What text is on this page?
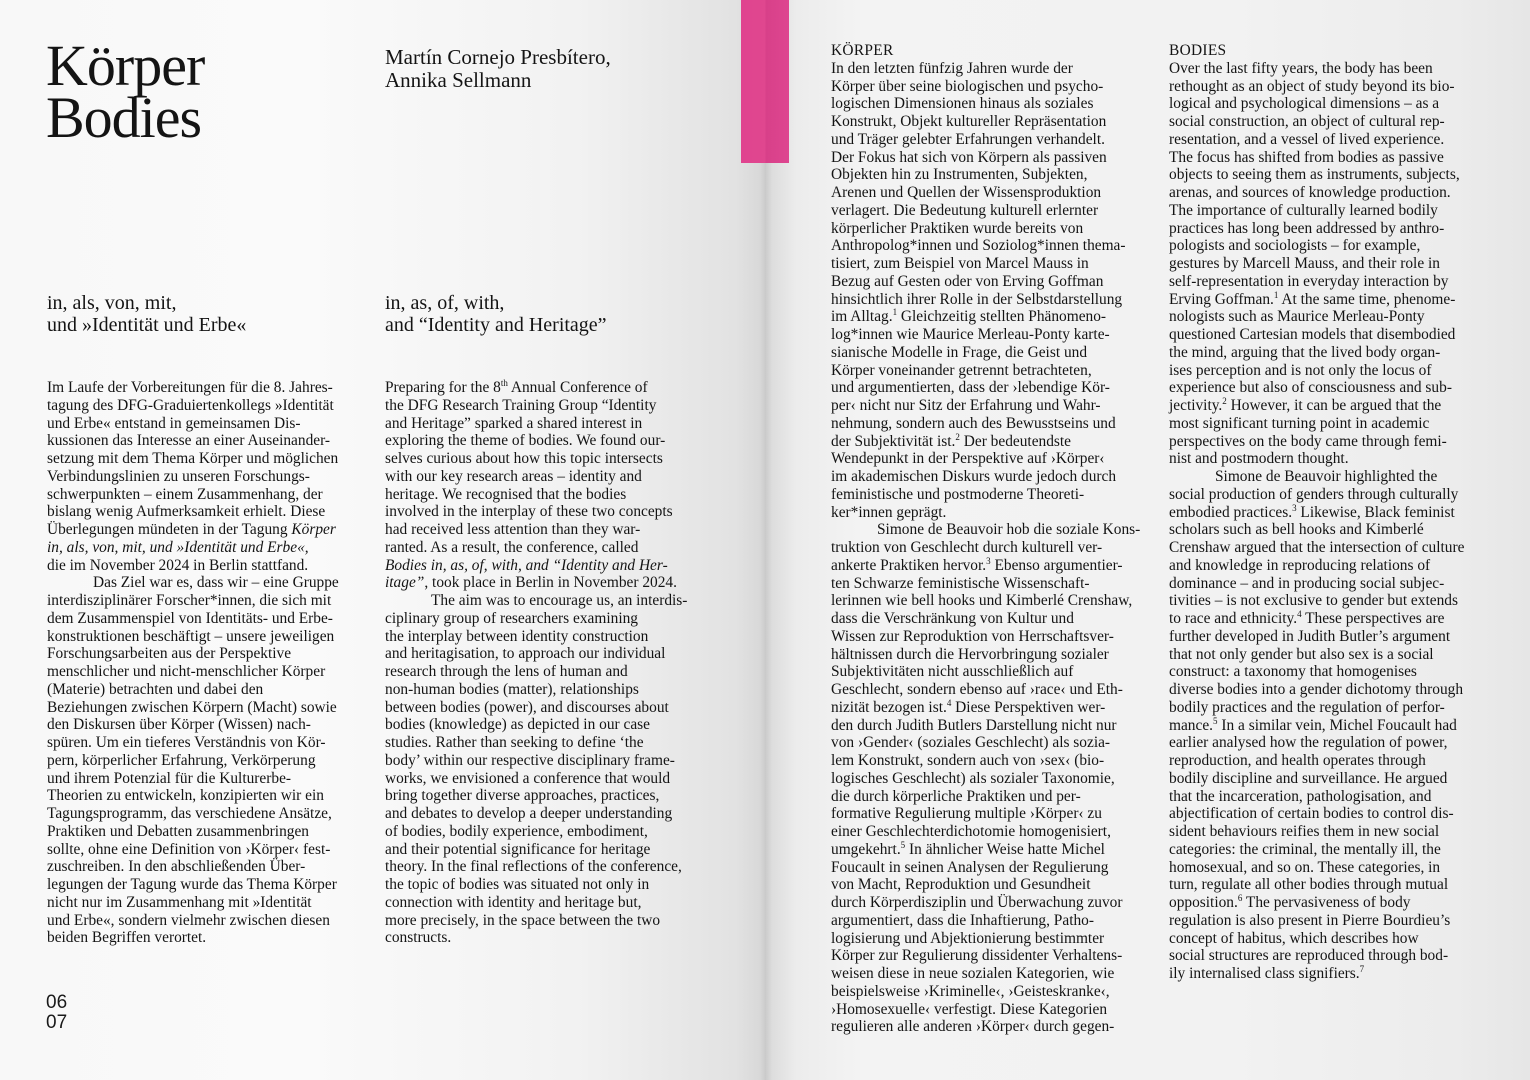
Körper
Bodies
Martín Cornejo Presbítero,
Annika Sellmann
in, als, von, mit,
und »Identität und Erbe«
in, as, of, with,
and “Identity and Heritage”
Im Laufe der Vorbereitungen für die 8. Jahres-
tagung des DFG-Graduiertenkollegs »Identität
und Erbe« entstand in gemeinsamen Dis-
kussionen das Interesse an einer Auseinander-
setzung mit dem Thema Körper und möglichen
Verbindungslinien zu unseren Forschungs-
schwerpunkten – einem Zusammenhang, der
bislang wenig Aufmerksamkeit erhielt. Diese
Überlegungen mündeten in der Tagung Körper
in, als, von, mit, und »Identität und Erbe«,
die im November 2024 in Berlin stattfand.
Das Ziel war es, dass wir – eine Gruppe
interdisziplinärer Forscher*innen, die sich mit
dem Zusammenspiel von Identitäts- und Erbe-
konstruktionen beschäftigt – unsere jeweiligen
Forschungsarbeiten aus der Perspektive
menschlicher und nicht-menschlicher Körper
(Materie) betrachten und dabei den
Beziehungen zwischen Körpern (Macht) sowie
den Diskursen über Körper (Wissen) nach-
spüren. Um ein tieferes Verständnis von Kör-
pern, körperlicher Erfahrung, Verkörperung
und ihrem Potenzial für die Kulturerbe-
Theorien zu entwickeln, konzipierten wir ein
Tagungsprogramm, das verschiedene Ansätze,
Praktiken und Debatten zusammenbringen
sollte, ohne eine Definition von ›Körper‹ fest-
zuschreiben. In den abschließenden Über-
legungen der Tagung wurde das Thema Körper
nicht nur im Zusammenhang mit »Identität
und Erbe«, sondern vielmehr zwischen diesen
beiden Begriffen verortet.
Preparing for the 8th Annual Conference of
the DFG Research Training Group “Identity
and Heritage” sparked a shared interest in
exploring the theme of bodies. We found our-
selves curious about how this topic intersects
with our key research areas – identity and
heritage. We recognised that the bodies
involved in the interplay of these two concepts
had received less attention than they war-
ranted. As a result, the conference, called
Bodies in, as, of, with, and “Identity and Her-
itage”, took place in Berlin in November 2024.
The aim was to encourage us, an interdis-
ciplinary group of researchers examining
the interplay between identity construction
and heritagisation, to approach our individual
research through the lens of human and
non-human bodies (matter), relationships
between bodies (power), and discourses about
bodies (knowledge) as depicted in our case
studies. Rather than seeking to define ‘the
body’ within our respective disciplinary frame-
works, we envisioned a conference that would
bring together diverse approaches, practices,
and debates to develop a deeper understanding
of bodies, bodily experience, embodiment,
and their potential significance for heritage
theory. In the final reflections of the conference,
the topic of bodies was situated not only in
connection with identity and heritage but,
more precisely, in the space between the two
constructs.
KÖRPER
In den letzten fünfzig Jahren wurde der
Körper über seine biologischen und psycho-
logischen Dimensionen hinaus als soziales
Konstrukt, Objekt kultureller Repräsentation
und Träger gelebter Erfahrungen verhandelt.
Der Fokus hat sich von Körpern als passiven
Objekten hin zu Instrumenten, Subjekten,
Arenen und Quellen der Wissensproduktion
verlagert. Die Bedeutung kulturell erlernter
körperlicher Praktiken wurde bereits von
Anthropolog*innen und Soziolog*innen thema-
tisiert, zum Beispiel von Marcel Mauss in
Bezug auf Gesten oder von Erving Goffman
hinsichtlich ihrer Rolle in der Selbstdarstellung
im Alltag.$^1$ Gleichzeitig stellten Phänomeno-
log*innen wie Maurice Merleau-Ponty karte-
sianische Modelle in Frage, die Geist und
Körper voneinander getrennt betrachteten,
und argumentierten, dass der ›lebendige Kör-
per‹ nicht nur Sitz der Erfahrung und Wahr-
nehmung, sondern auch des Bewusstseins und
der Subjektivität ist.$^2$ Der bedeutendste
Wendepunkt in der Perspektive auf ›Körper‹
im akademischen Diskurs wurde jedoch durch
feministische und postmoderne Theoreti-
ker*innen geprägt.
Simone de Beauvoir hob die soziale Kons-
truktion von Geschlecht durch kulturell ver-
ankerte Praktiken hervor.$^3$ Ebenso argumentier-
ten Schwarze feministische Wissenschaft-
lerinnen wie bell hooks und Kimberlé Crenshaw,
dass die Verschränkung von Kultur und
Wissen zur Reproduktion von Herrschaftsver-
hältnissen durch die Hervorbringung sozialer
Subjektivitäten nicht ausschließlich auf
Geschlecht, sondern ebenso auf ›race‹ und Eth-
nizität bezogen ist.$^4$ Diese Perspektiven wer-
den durch Judith Butlers Darstellung nicht nur
von ›Gender‹ (soziales Geschlecht) als sozia-
lem Konstrukt, sondern auch von ›sex‹ (bio-
logisches Geschlecht) als sozialer Taxonomie,
die durch körperliche Praktiken und per-
formative Regulierung multiple ›Körper‹ zu
einer Geschlechterdichotomie homogenisiert,
umgekehrt.$^5$ In ähnlicher Weise hatte Michel
Foucault in seinen Analysen der Regulierung
von Macht, Reproduktion und Gesundheit
durch Körperdisziplin und Überwachung zuvor
argumentiert, dass die Inhaftierung, Patho-
logisierung und Abjektionierung bestimmter
Körper zur Regulierung dissidenter Verhaltens-
weisen diese in neue sozialen Kategorien, wie
beispielsweise ›Kriminelle‹, ›Geisteskranke‹,
›Homosexuelle‹ verfestigt. Diese Kategorien
regulieren alle anderen ›Körper‹ durch gegen-
BODIES
Over the last fifty years, the body has been
rethought as an object of study beyond its bio-
logical and psychological dimensions – as a
social construction, an object of cultural rep-
resentation, and a vessel of lived experience.
The focus has shifted from bodies as passive
objects to seeing them as instruments, subjects,
arenas, and sources of knowledge production.
The importance of culturally learned bodily
practices has long been addressed by anthro-
pologists and sociologists – for example,
gestures by Marcell Mauss, and their role in
self-representation in everyday interaction by
Erving Goffman.$^1$ At the same time, phenome-
nologists such as Maurice Merleau-Ponty
questioned Cartesian models that disembodied
the mind, arguing that the lived body organ-
ises perception and is not only the locus of
experience but also of consciousness and sub-
jectivity.$^2$ However, it can be argued that the
most significant turning point in academic
perspectives on the body came through femi-
nist and postmodern thought.
Simone de Beauvoir highlighted the
social production of genders through culturally
embodied practices.$^3$ Likewise, Black feminist
scholars such as bell hooks and Kimberlé
Crenshaw argued that the intersection of culture
and knowledge in reproducing relations of
dominance – and in producing social subjec-
tivities – is not exclusive to gender but extends
to race and ethnicity.$^4$ These perspectives are
further developed in Judith Butler’s argument
that not only gender but also sex is a social
construct: a taxonomy that homogenises
diverse bodies into a gender dichotomy through
bodily practices and the regulation of perfor-
mance.$^5$ In a similar vein, Michel Foucault had
earlier analysed how the regulation of power,
reproduction, and health operates through
bodily discipline and surveillance. He argued
that the incarceration, pathologisation, and
abjectification of certain bodies to control dis-
sident behaviours reifies them in new social
categories: the criminal, the mentally ill, the
homosexual, and so on. These categories, in
turn, regulate all other bodies through mutual
opposition.$^6$ The pervasiveness of body
regulation is also present in Pierre Bourdieu’s
concept of habitus, which describes how
social structures are reproduced through bod-
ily internalised class signifiers.$^7$
06
07
